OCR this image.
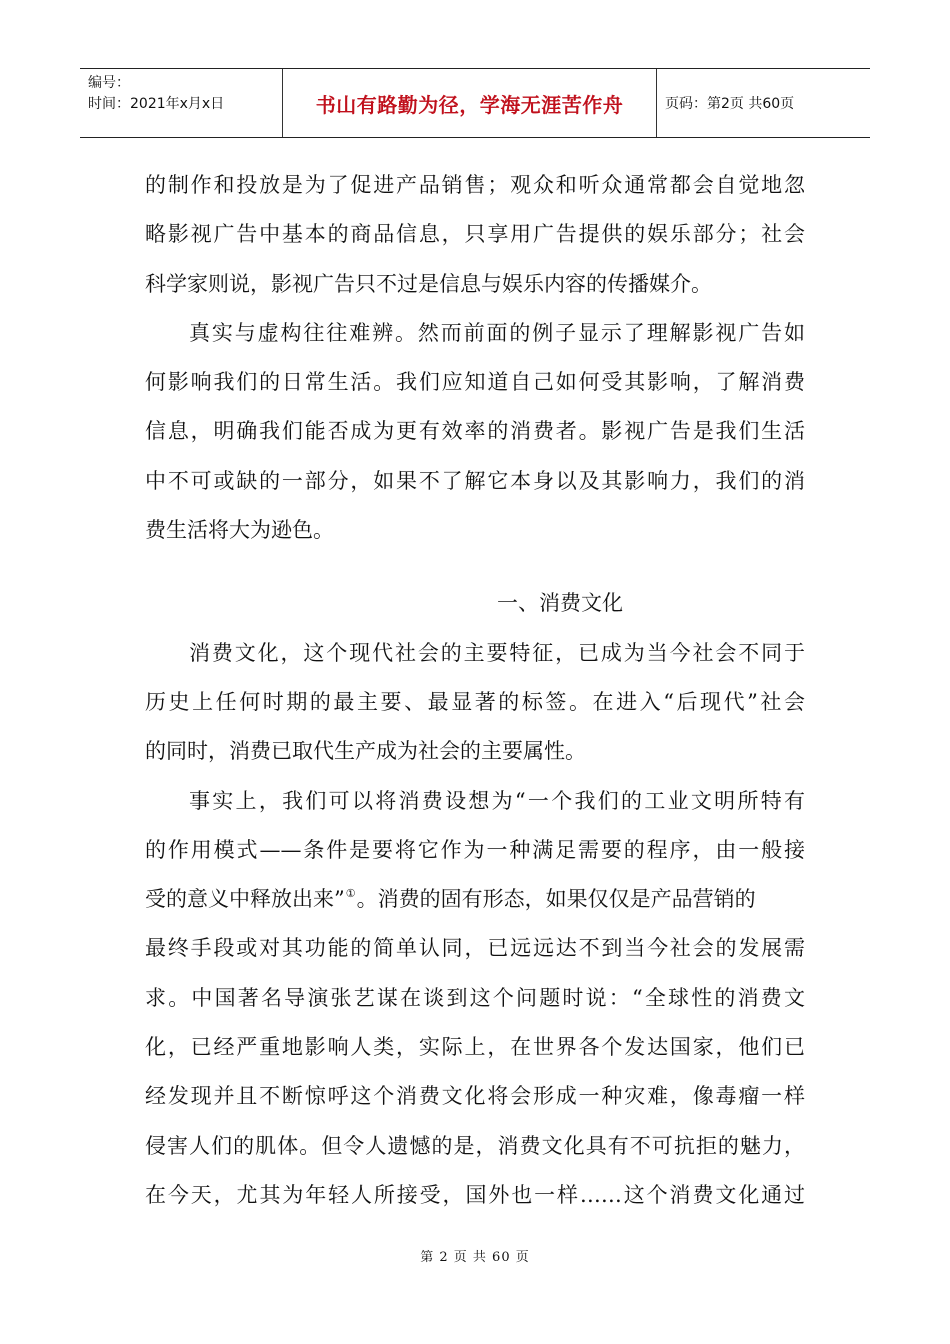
编号：
时间：2021年x月x日	书山有路勤为径，学海无涯苦作舟	页码：第2页 共60页
的制作和投放是为了促进产品销售；观众和听众通常都会自觉地忽
略影视广告中基本的商品信息，只享用广告提供的娱乐部分；社会
科学家则说，影视广告只不过是信息与娱乐内容的传播媒介。
真实与虚构往往难辨。然而前面的例子显示了理解影视广告如
何影响我们的日常生活。我们应知道自己如何受其影响，了解消费
信息，明确我们能否成为更有效率的消费者。影视广告是我们生活
中不可或缺的一部分，如果不了解它本身以及其影响力，我们的消
费生活将大为逊色。
一、消费文化
消费文化，这个现代社会的主要特征，已成为当今社会不同于
历史上任何时期的最主要、最显著的标签。在进入“后现代”社会
的同时，消费已取代生产成为社会的主要属性。
事实上，我们可以将消费设想为“一个我们的工业文明所特有
的作用模式——条件是要将它作为一种满足需要的程序，由一般接
受的意义中释放出来”①。消费的固有形态，如果仅仅是产品营销的
最终手段或对其功能的简单认同，已远远达不到当今社会的发展需
求。中国著名导演张艺谋在谈到这个问题时说：“全球性的消费文
化，已经严重地影响人类，实际上，在世界各个发达国家，他们已
经发现并且不断惊呼这个消费文化将会形成一种灾难，像毒瘤一样
侵害人们的肌体。但令人遗憾的是，消费文化具有不可抗拒的魅力，
在今天，尤其为年轻人所接受，国外也一样……这个消费文化通过
第 2 页 共 60 页
